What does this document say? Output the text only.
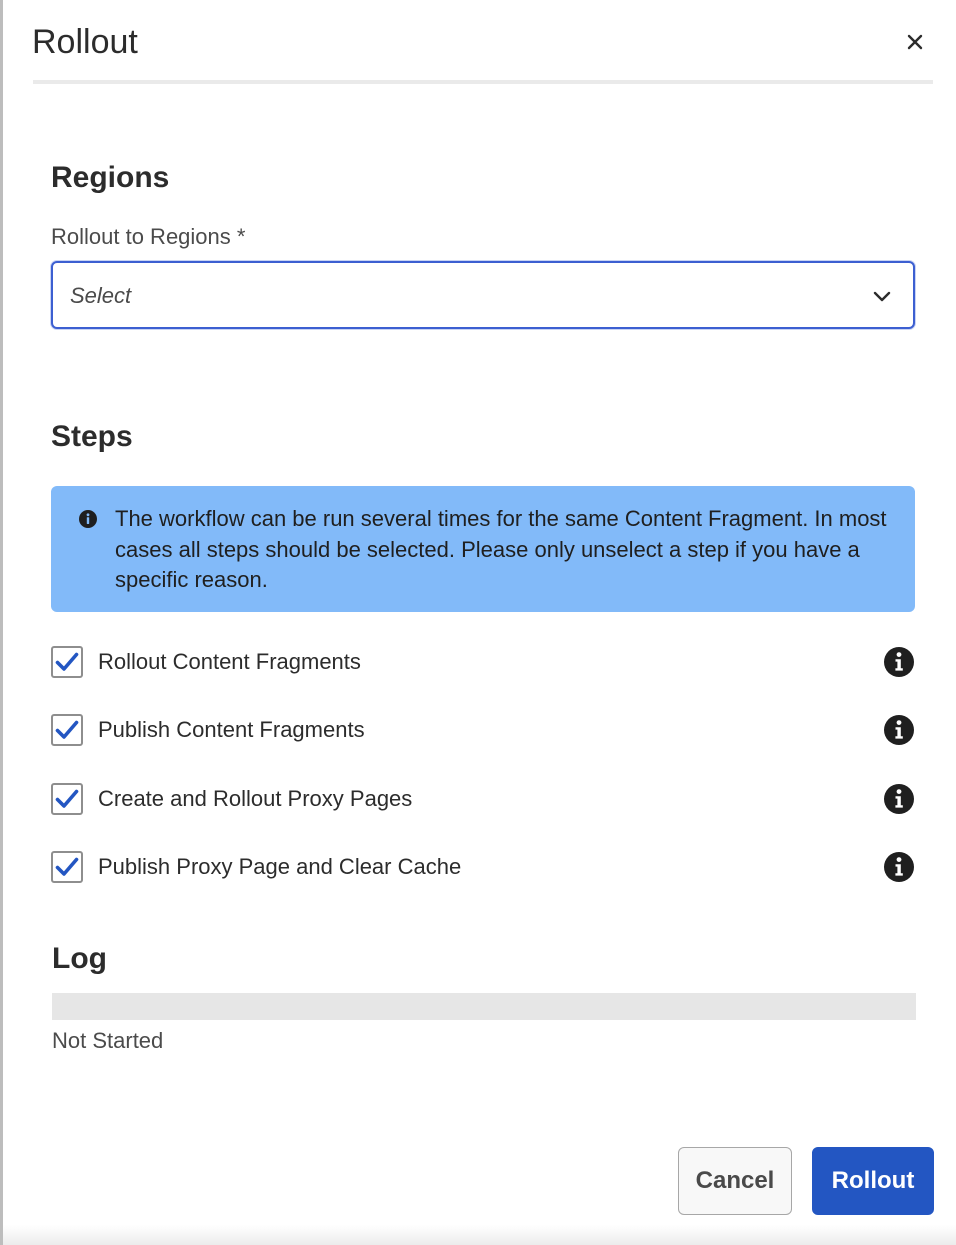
Rollout
Regions
Rollout to Regions *
Select
Steps
The workflow can be run several times for the same Content Fragment. In most cases all steps should be selected. Please only unselect a step if you have a specific reason.
Rollout Content Fragments
Publish Content Fragments
Create and Rollout Proxy Pages
Publish Proxy Page and Clear Cache
Log
Not Started
Cancel	Rollout
